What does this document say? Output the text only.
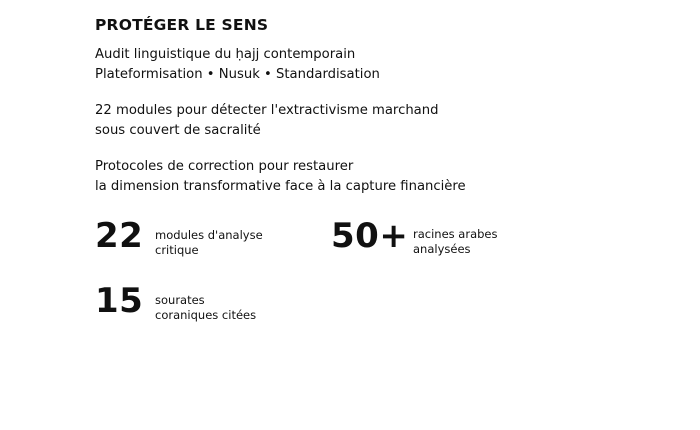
PROTÉGER LE SENS

Audit linguistique du ḥajj contemporain
Plateformisation • Nusuk • Standardisation

22 modules pour détecter l'extractivisme marchand
sous couvert de sacralité

Protocoles de correction pour restaurer
la dimension transformative face à la capture financière

22 modules d'analyse
critique	50+ racines arabes
analysées
15 sourates
coraniques citées
